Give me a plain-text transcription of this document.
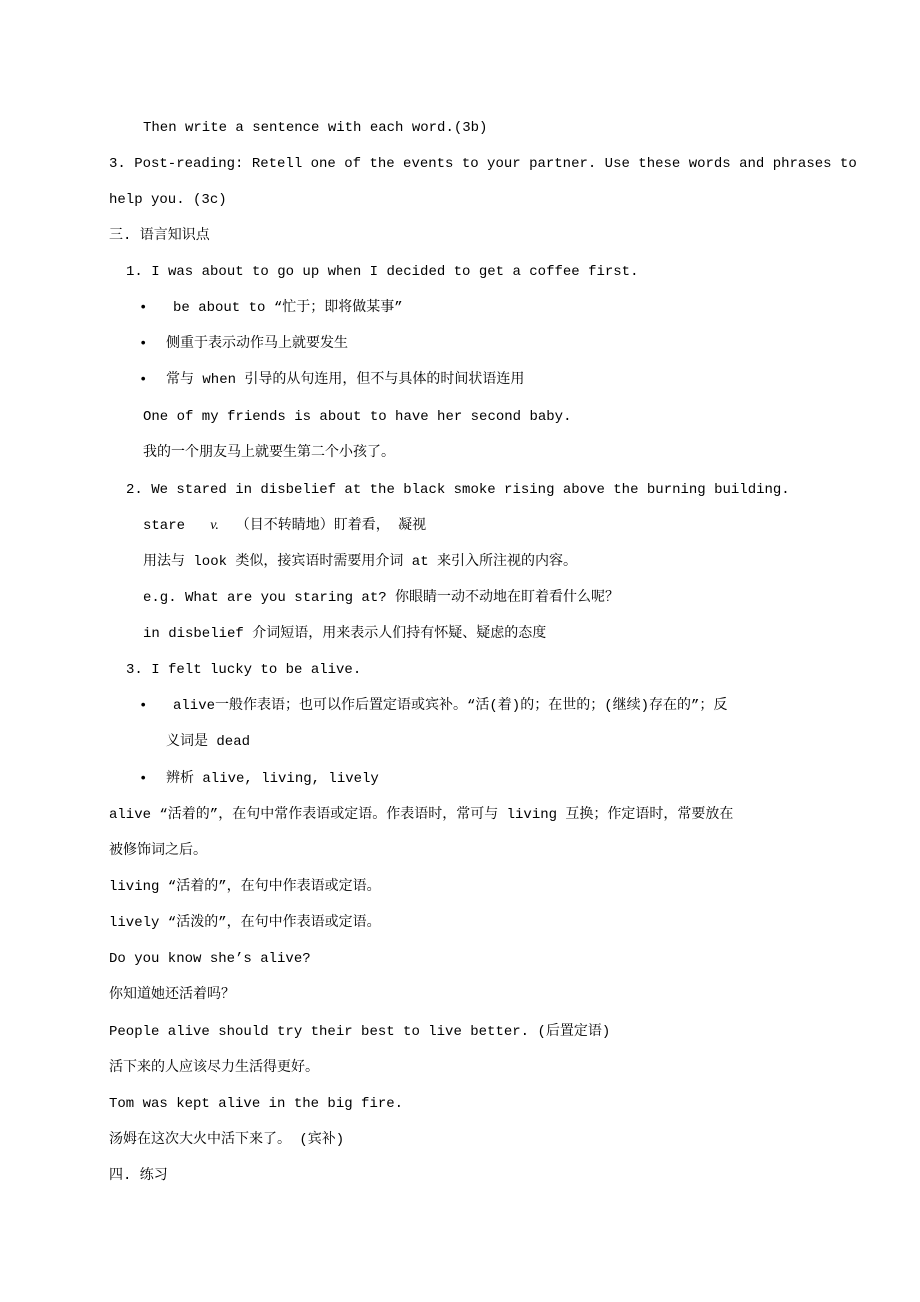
Then write a sentence with each word.(3b)
3. Post-reading: Retell one of the events to your partner. Use these words and phrases to
help you. (3c)
三. 语言知识点
1. I was about to go up when I decided to get a coffee first.
• be about to “忙于；即将做某事”
• 侧重于表示动作马上就要发生
• 常与 when 引导的从句连用，但不与具体的时间状语连用
One of my friends is about to have her second baby.
我的一个朋友马上就要生第二个小孩了。
2. We stared in disbelief at the black smoke rising above the burning building.
stare v. （目不转睛地）盯着看， 凝视
用法与 look 类似，接宾语时需要用介词 at 来引入所注视的内容。
e.g. What are you staring at? 你眼睛一动不动地在盯着看什么呢？
in disbelief 介词短语，用来表示人们持有怀疑、疑虑的态度
3. I felt lucky to be alive.
• alive一般作表语；也可以作后置定语或宾补。“活(着)的；在世的；(继续)存在的”；反
义词是 dead
• 辨析 alive, living, lively
alive “活着的”，在句中常作表语或定语。作表语时，常可与 living 互换；作定语时，常要放在
被修饰词之后。
living “活着的”，在句中作表语或定语。
lively “活泼的”，在句中作表语或定语。
Do you know she’s alive?
你知道她还活着吗？
People alive should try their best to live better. (后置定语)
活下来的人应该尽力生活得更好。
Tom was kept alive in the big fire.
汤姆在这次大火中活下来了。 (宾补)
四. 练习
